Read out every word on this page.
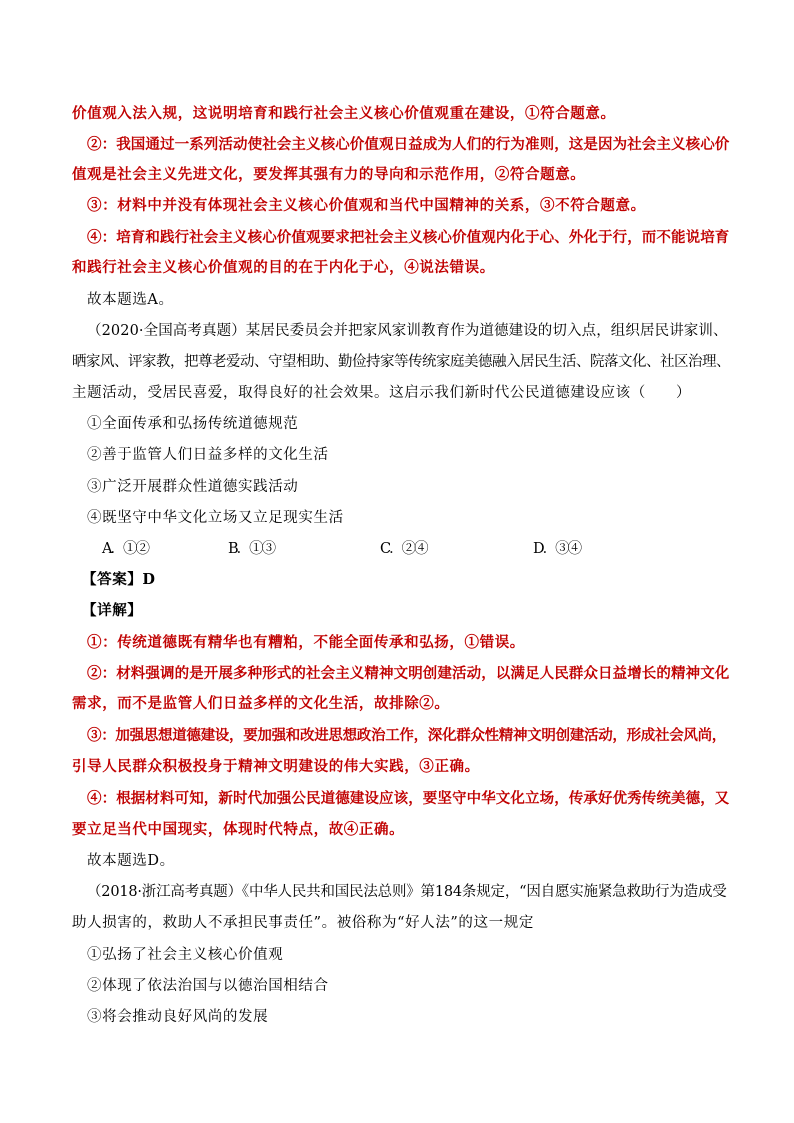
价值观入法入规，这说明培育和践行社会主义核心价值观重在建设，①符合题意。
②：我国通过一系列活动使社会主义核心价值观日益成为人们的行为准则，这是因为社会主义核心价
值观是社会主义先进文化，要发挥其强有力的导向和示范作用，②符合题意。
③：材料中并没有体现社会主义核心价值观和当代中国精神的关系，③不符合题意。
④：培育和践行社会主义核心价值观要求把社会主义核心价值观内化于心、外化于行，而不能说培育
和践行社会主义核心价值观的目的在于内化于心，④说法错误。
故本题选A。
（2020·全国高考真题）某居民委员会并把家风家训教育作为道德建设的切入点，组织居民讲家训、
晒家风、评家教，把尊老爱动、守望相助、勤俭持家等传统家庭美德融入居民生活、院落文化、社区治理、
主题活动，受居民喜爱，取得良好的社会效果。这启示我们新时代公民道德建设应该（　　）
①全面传承和弘扬传统道德规范
②善于监管人们日益多样的文化生活
③广泛开展群众性道德实践活动
④既坚守中华文化立场又立足现实生活
A．①②	B．①③	C．②④	D．③④
【答案】D
【详解】
①：传统道德既有精华也有糟粕，不能全面传承和弘扬，①错误。
②：材料强调的是开展多种形式的社会主义精神文明创建活动，以满足人民群众日益增长的精神文化
需求，而不是监管人们日益多样的文化生活，故排除②。
③：加强思想道德建设，要加强和改进思想政治工作，深化群众性精神文明创建活动，形成社会风尚，
引导人民群众积极投身于精神文明建设的伟大实践，③正确。
④：根据材料可知，新时代加强公民道德建设应该，要坚守中华文化立场，传承好优秀传统美德，又
要立足当代中国现实，体现时代特点，故④正确。
故本题选D。
（2018·浙江高考真题）《中华人民共和国民法总则》第184条规定，“因自愿实施紧急救助行为造成受
助人损害的，救助人不承担民事责任”。被俗称为“好人法”的这一规定
①弘扬了社会主义核心价值观
②体现了依法治国与以德治国相结合
③将会推动良好风尚的发展
